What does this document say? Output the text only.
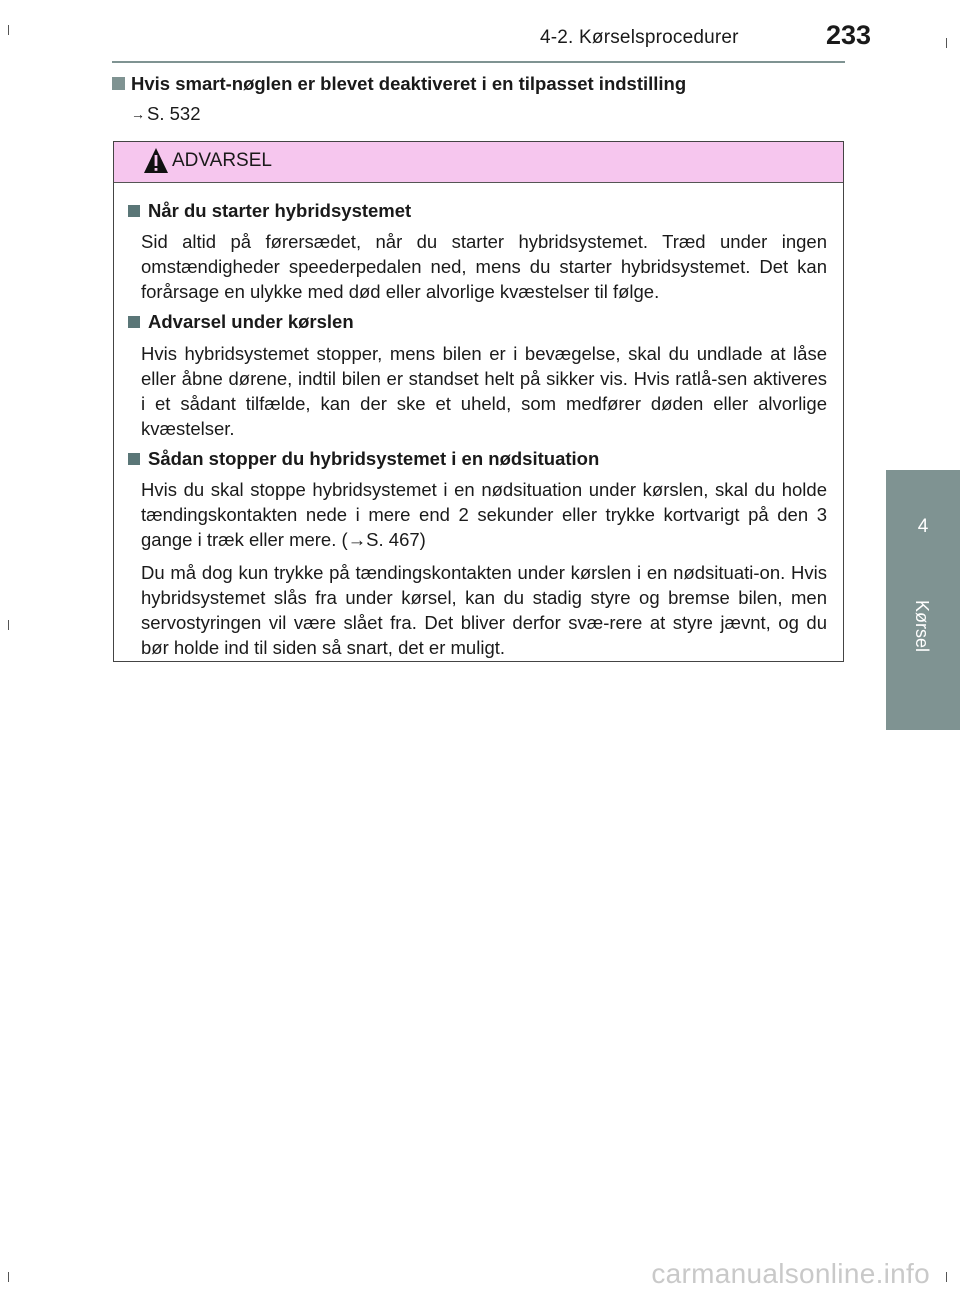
4-2. Kørselsprocedurer	233
Hvis smart-nøglen er blevet deaktiveret i en tilpasset indstilling
→ S. 532
ADVARSEL
Når du starter hybridsystemet

Sid altid på førersædet, når du starter hybridsystemet. Træd under ingen omstændigheder speederpedalen ned, mens du starter hybridsystemet. Det kan forårsage en ulykke med død eller alvorlige kvæstelser til følge.

Advarsel under kørslen

Hvis hybridsystemet stopper, mens bilen er i bevægelse, skal du undlade at låse eller åbne dørene, indtil bilen er standset helt på sikker vis. Hvis ratlå-sen aktiveres i et sådant tilfælde, kan der ske et uheld, som medfører døden eller alvorlige kvæstelser.

Sådan stopper du hybridsystemet i en nødsituation

Hvis du skal stoppe hybridsystemet i en nødsituation under kørslen, skal du holde tændingskontakten nede i mere end 2 sekunder eller trykke kortvarigt på den 3 gange i træk eller mere. (→S. 467)

Du må dog kun trykke på tændingskontakten under kørslen i en nødsituati-on. Hvis hybridsystemet slås fra under kørsel, kan du stadig styre og bremse bilen, men servostyringen vil være slået fra. Det bliver derfor svæ-rere at styre jævnt, og du bør holde ind til siden så snart, det er muligt.

4
Kørsel
carmanualsonline.info
